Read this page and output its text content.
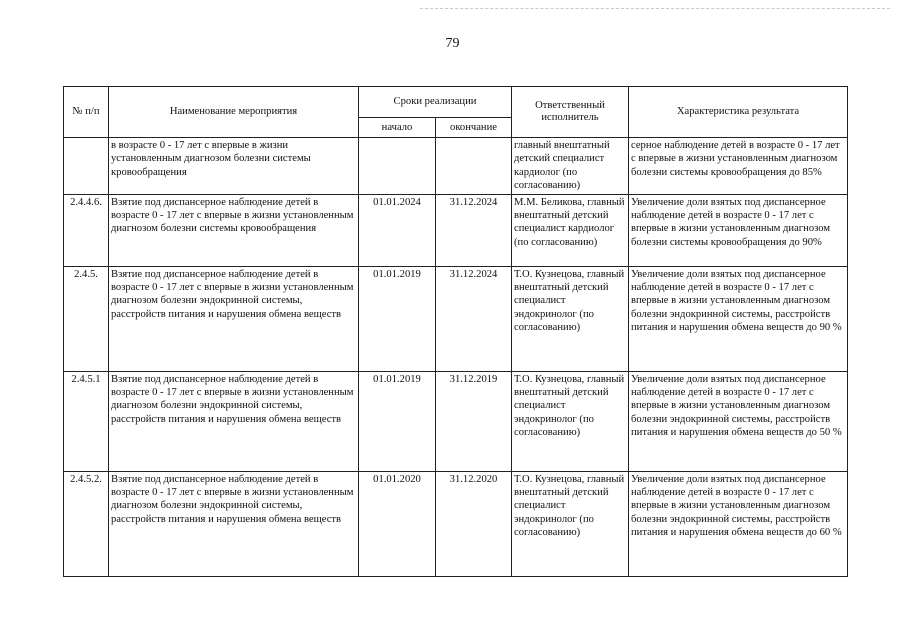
79
№ п/п	Наименование мероприятия	Сроки реализации		Ответственный исполнитель	Характеристика результата
		начало	окончание		
	в возрасте 0 - 17 лет с впервые в жизни установленным диагнозом болезни системы кровообращения			главный внештатный детский специалист кардиолог (по согласованию)	серное наблюдение детей в возрасте 0 - 17 лет с впервые в жизни установленным диагнозом болезни системы кровообращения до 85%
2.4.4.6.	Взятие под диспансерное наблюдение детей в возрасте 0 - 17 лет с впервые в жизни установленным диагнозом болезни системы кровообращения	01.01.2024	31.12.2024	М.М. Беликова, главный внештатный детский специалист кардиолог (по согласованию)	Увеличение доли взятых под диспансерное наблюдение детей в возрасте 0 - 17 лет с впервые в жизни установленным диагнозом болезни системы кровообращения до 90%
2.4.5.	Взятие под диспансерное наблюдение детей в возрасте 0 - 17 лет с впервые в жизни установленным диагнозом болезни эндокринной системы, расстройств питания и нарушения обмена веществ	01.01.2019	31.12.2024	Т.О. Кузнецова, главный внештатный детский специалист эндокринолог (по согласованию)	Увеличение доли взятых под диспансерное наблюдение детей в возрасте 0 - 17 лет с впервые в жизни установленным диагнозом болезни эндокринной системы, расстройств питания и нарушения обмена веществ до 90 %
2.4.5.1	Взятие под диспансерное наблюдение детей в возрасте 0 - 17 лет с впервые в жизни установленным диагнозом болезни эндокринной системы, расстройств питания и нарушения обмена веществ	01.01.2019	31.12.2019	Т.О. Кузнецова, главный внештатный детский специалист эндокринолог (по согласованию)	Увеличение доли взятых под диспансерное наблюдение детей в возрасте 0 - 17 лет с впервые в жизни установленным диагнозом болезни эндокринной системы, расстройств питания и нарушения обмена веществ до 50 %
2.4.5.2.	Взятие под диспансерное наблюдение детей в возрасте 0 - 17 лет с впервые в жизни установленным диагнозом болезни эндокринной системы, расстройств питания и нарушения обмена веществ	01.01.2020	31.12.2020	Т.О. Кузнецова, главный внештатный детский специалист эндокринолог (по согласованию)	Увеличение доли взятых под диспансерное наблюдение детей в возрасте 0 - 17 лет с впервые в жизни установленным диагнозом болезни эндокринной системы, расстройств питания и нарушения обмена веществ до 60 %
